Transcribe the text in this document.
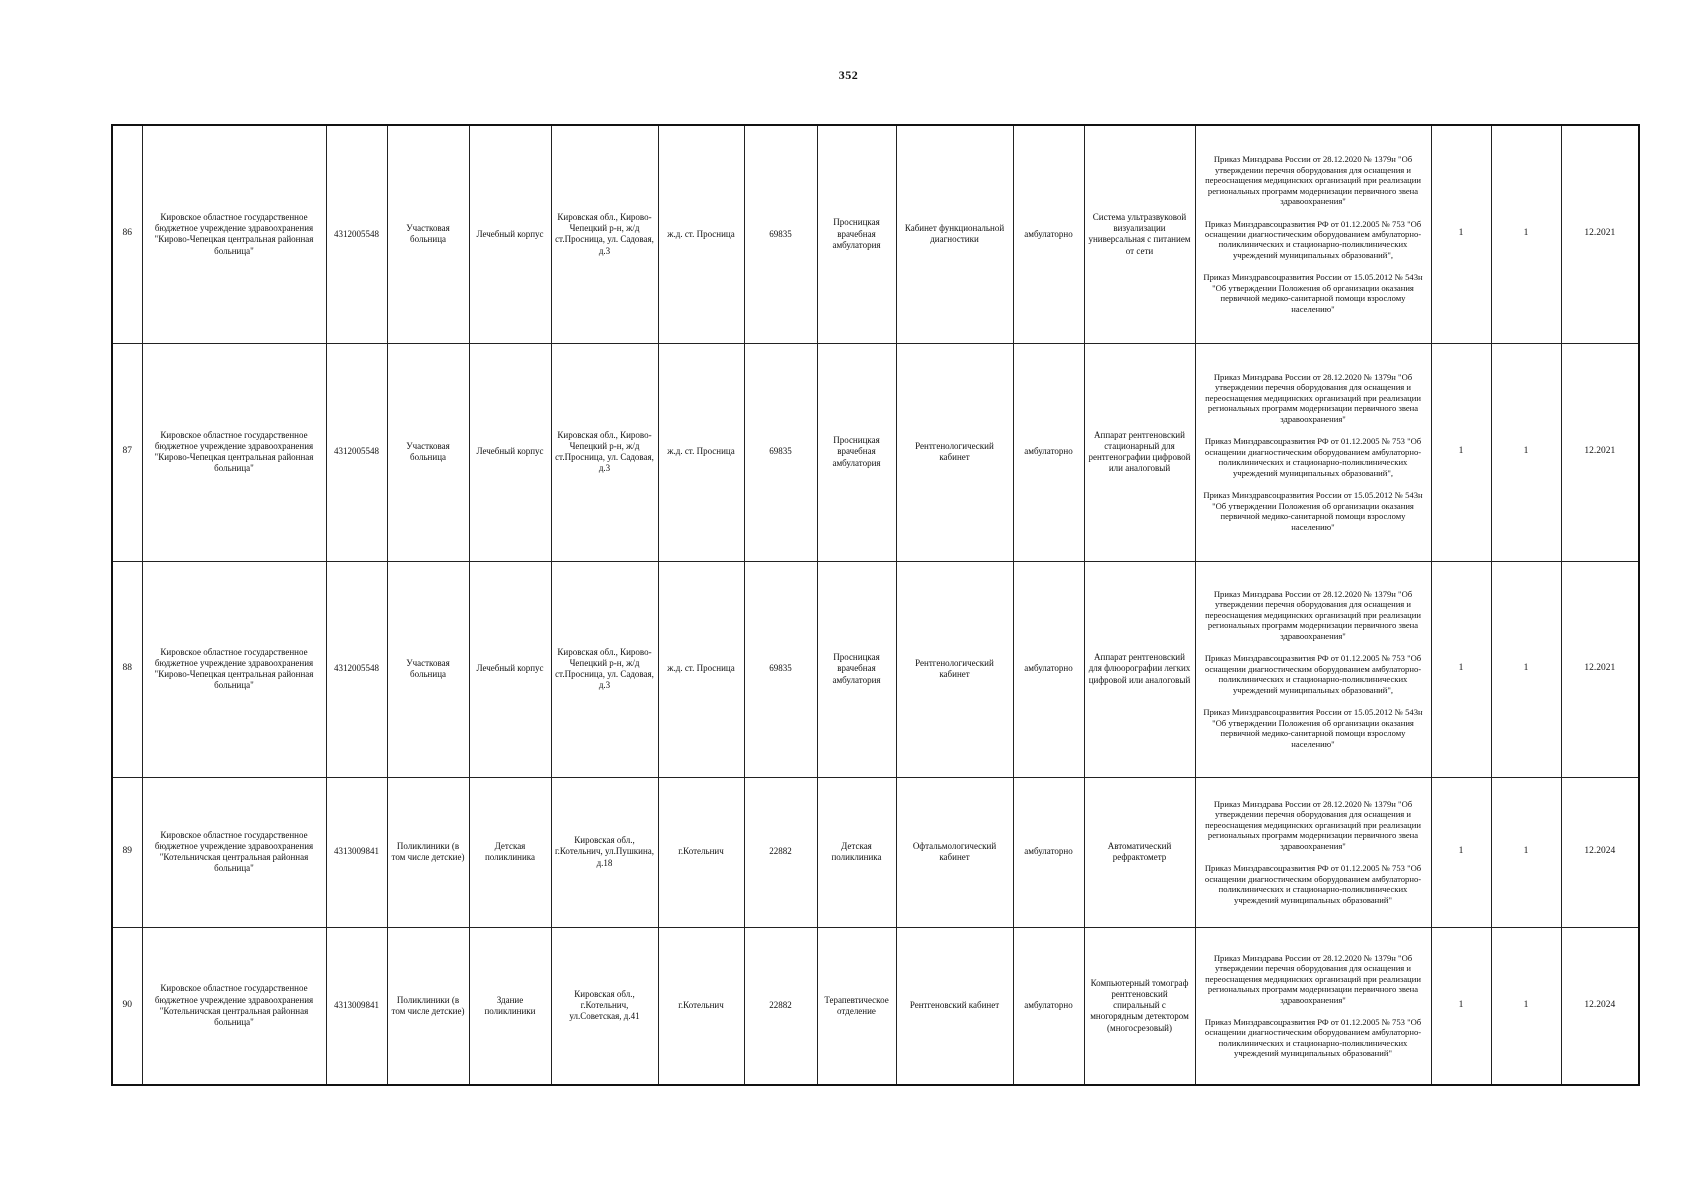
352
86	Кировское областное государственное бюджетное учреждение здравоохранения "Кирово-Чепецкая центральная районная больница"	4312005548	Участковая больница	Лечебный корпус	Кировская обл., Кирово-Чепецкий р-н, ж/д ст.Просница, ул. Садовая, д.3	ж.д. ст. Просница	69835	Просницкая врачебная амбулатория	Кабинет функциональной диагностики	амбулаторно	Система ультразвуковой визуализации универсальная с питанием от сети	Приказ Минздрава России от 28.12.2020 № 1379н "Об утверждении перечня оборудования для оснащения и переоснащения медицинских организаций при реализации региональных программ модернизации первичного звена здравоохранения"

Приказ Минздравсоцразвития РФ от 01.12.2005 № 753 "Об оснащении диагностическим оборудованием амбулаторно-поликлинических и стационарно-поликлинических учреждений муниципальных образований",

Приказ Минздравсоцразвития России от 15.05.2012 № 543н "Об утверждении Положения об организации оказания первичной медико-санитарной помощи взрослому населению"	1	1	12.2021
87	Кировское областное государственное бюджетное учреждение здравоохранения "Кирово-Чепецкая центральная районная больница"	4312005548	Участковая больница	Лечебный корпус	Кировская обл., Кирово-Чепецкий р-н, ж/д ст.Просница, ул. Садовая, д.3	ж.д. ст. Просница	69835	Просницкая врачебная амбулатория	Рентгенологический кабинет	амбулаторно	Аппарат рентгеновский стационарный для рентгенографии цифровой или аналоговый	Приказ Минздрава России от 28.12.2020 № 1379н "Об утверждении перечня оборудования для оснащения и переоснащения медицинских организаций при реализации региональных программ модернизации первичного звена здравоохранения"

Приказ Минздравсоцразвития РФ от 01.12.2005 № 753 "Об оснащении диагностическим оборудованием амбулаторно-поликлинических и стационарно-поликлинических учреждений муниципальных образований",

Приказ Минздравсоцразвития России от 15.05.2012 № 543н "Об утверждении Положения об организации оказания первичной медико-санитарной помощи взрослому населению"	1	1	12.2021
88	Кировское областное государственное бюджетное учреждение здравоохранения "Кирово-Чепецкая центральная районная больница"	4312005548	Участковая больница	Лечебный корпус	Кировская обл., Кирово-Чепецкий р-н, ж/д ст.Просница, ул. Садовая, д.3	ж.д. ст. Просница	69835	Просницкая врачебная амбулатория	Рентгенологический кабинет	амбулаторно	Аппарат рентгеновский для флюорографии легких цифровой или аналоговый	Приказ Минздрава России от 28.12.2020 № 1379н "Об утверждении перечня оборудования для оснащения и переоснащения медицинских организаций при реализации региональных программ модернизации первичного звена здравоохранения"

Приказ Минздравсоцразвития РФ от 01.12.2005 № 753 "Об оснащении диагностическим оборудованием амбулаторно-поликлинических и стационарно-поликлинических учреждений муниципальных образований",

Приказ Минздравсоцразвития России от 15.05.2012 № 543н "Об утверждении Положения об организации оказания первичной медико-санитарной помощи взрослому населению"	1	1	12.2021
89	Кировское областное государственное бюджетное учреждение здравоохранения "Котельничская центральная районная больница"	4313009841	Поликлиники (в том числе детские)	Детская поликлиника	Кировская обл., г.Котельнич, ул.Пушкина, д.18	г.Котельнич	22882	Детская поликлиника	Офтальмологический кабинет	амбулаторно	Автоматический рефрактометр	Приказ Минздрава России от 28.12.2020 № 1379н "Об утверждении перечня оборудования для оснащения и переоснащения медицинских организаций при реализации региональных программ модернизации первичного звена здравоохранения"

Приказ Минздравсоцразвития РФ от 01.12.2005 № 753 "Об оснащении диагностическим оборудованием амбулаторно-поликлинических и стационарно-поликлинических учреждений муниципальных образований"	1	1	12.2024
90	Кировское областное государственное бюджетное учреждение здравоохранения "Котельничская центральная районная больница"	4313009841	Поликлиники (в том числе детские)	Здание поликлиники	Кировская обл., г.Котельнич, ул.Советская, д.41	г.Котельнич	22882	Терапевтическое отделение	Рентгеновский кабинет	амбулаторно	Компьютерный томограф рентгеновский спиральный с многорядным детектором (многосрезовый)	Приказ Минздрава России от 28.12.2020 № 1379н "Об утверждении перечня оборудования для оснащения и переоснащения медицинских организаций при реализации региональных программ модернизации первичного звена здравоохранения"

Приказ Минздравсоцразвития РФ от 01.12.2005 № 753 "Об оснащении диагностическим оборудованием амбулаторно-поликлинических и стационарно-поликлинических учреждений муниципальных образований"	1	1	12.2024
